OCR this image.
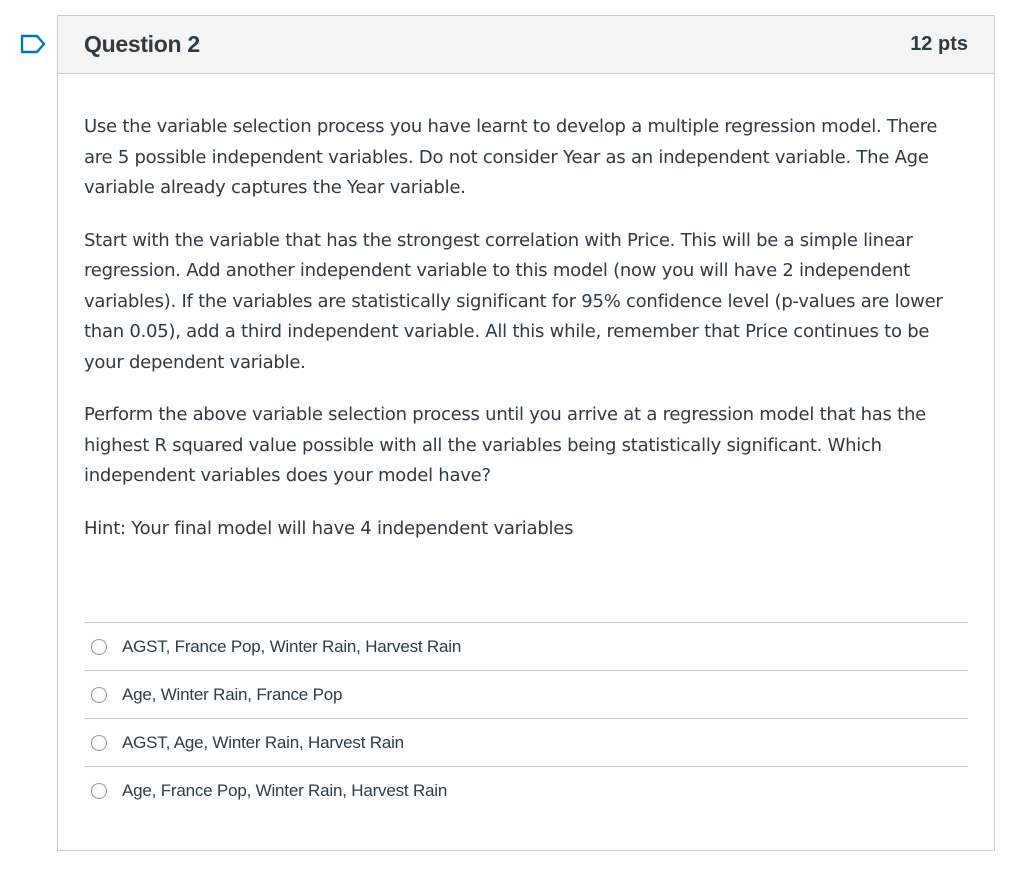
Question 2	12 pts

Use the variable selection process you have learnt to develop a multiple regression model. There are 5 possible independent variables. Do not consider Year as an independent variable. The Age variable already captures the Year variable.

Start with the variable that has the strongest correlation with Price. This will be a simple linear regression. Add another independent variable to this model (now you will have 2 independent variables). If the variables are statistically significant for 95% confidence level (p-values are lower than 0.05), add a third independent variable. All this while, remember that Price continues to be your dependent variable.

Perform the above variable selection process until you arrive at a regression model that has the highest R squared value possible with all the variables being statistically significant. Which independent variables does your model have?

Hint: Your final model will have 4 independent variables

AGST, France Pop, Winter Rain, Harvest Rain
Age, Winter Rain, France Pop
AGST, Age, Winter Rain, Harvest Rain
Age, France Pop, Winter Rain, Harvest Rain
